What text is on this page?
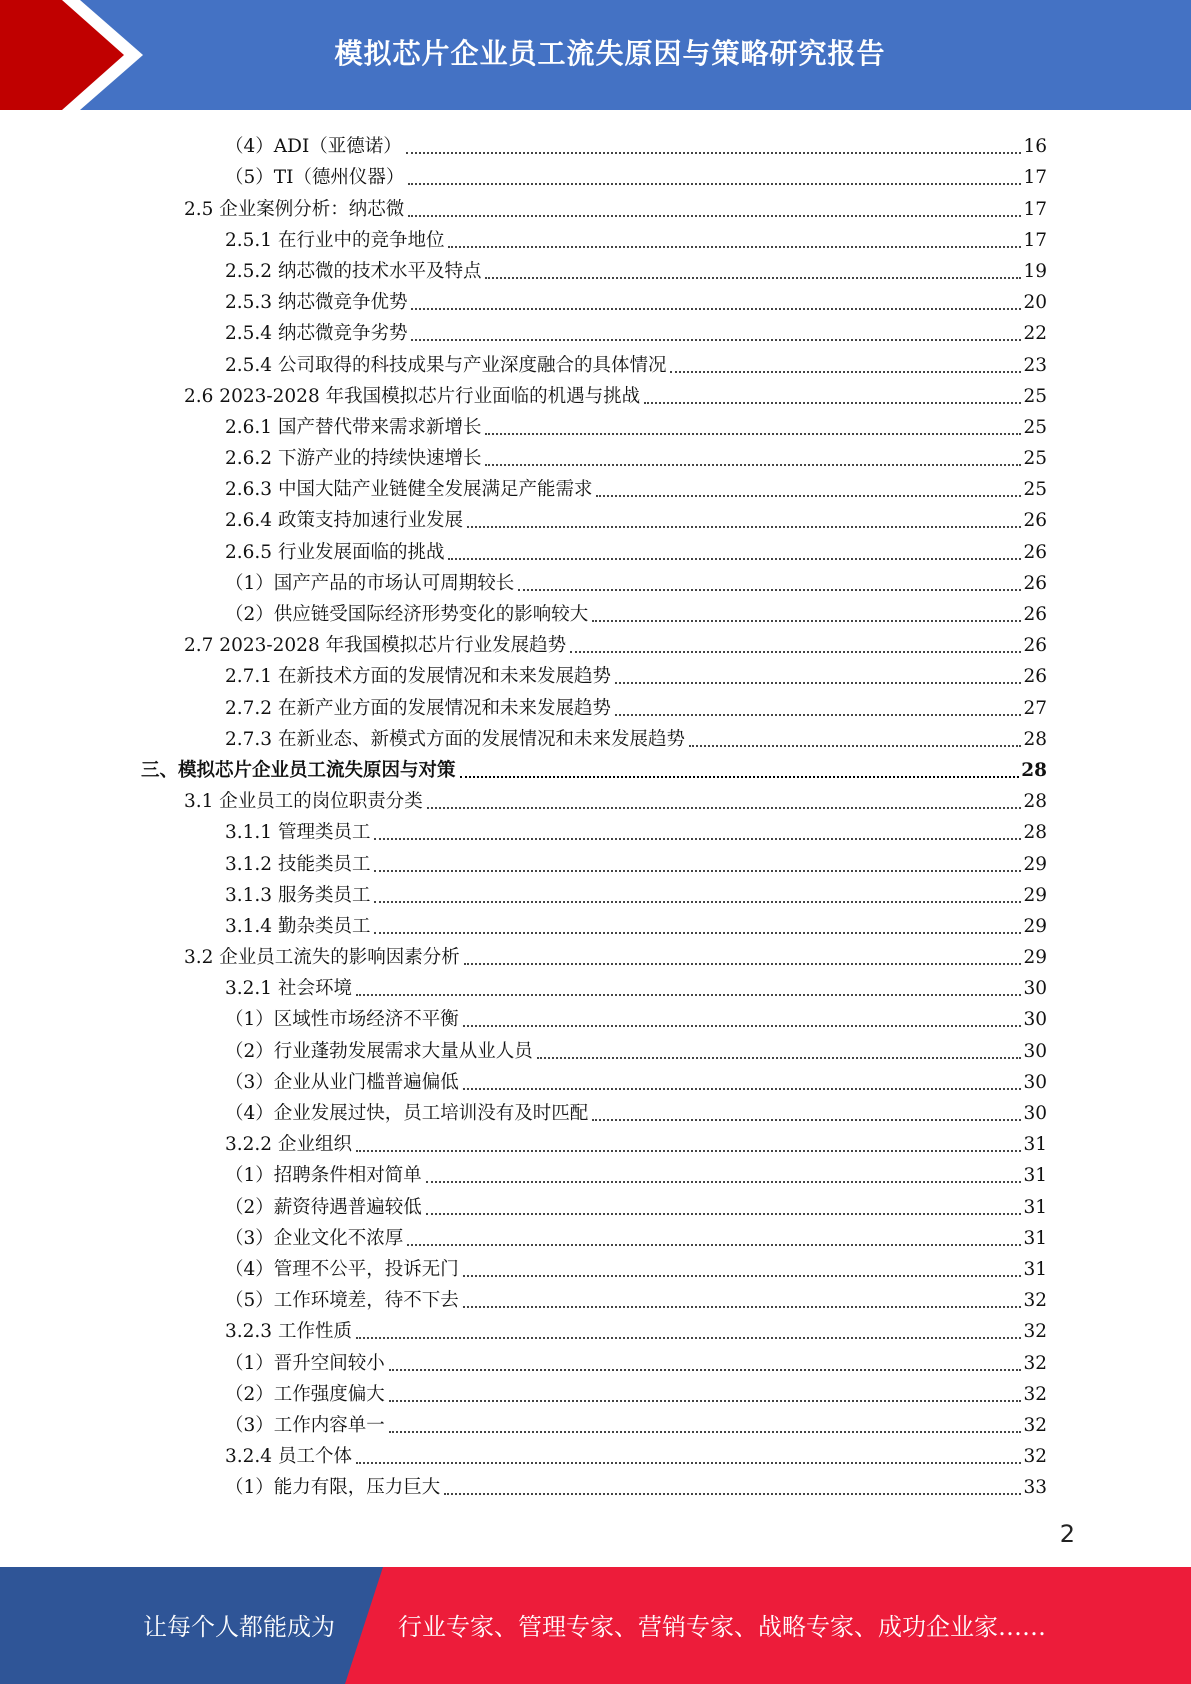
模拟芯片企业员工流失原因与策略研究报告
（4）ADI（亚德诺）	16
（5）TI（德州仪器）	17
2.5 企业案例分析：纳芯微	17
2.5.1 在行业中的竞争地位	17
2.5.2 纳芯微的技术水平及特点	19
2.5.3 纳芯微竞争优势	20
2.5.4 纳芯微竞争劣势	22
2.5.4 公司取得的科技成果与产业深度融合的具体情况	23
2.6 2023-2028 年我国模拟芯片行业面临的机遇与挑战	25
2.6.1 国产替代带来需求新增长	25
2.6.2 下游产业的持续快速增长	25
2.6.3 中国大陆产业链健全发展满足产能需求	25
2.6.4 政策支持加速行业发展	26
2.6.5 行业发展面临的挑战	26
（1）国产产品的市场认可周期较长	26
（2）供应链受国际经济形势变化的影响较大	26
2.7 2023-2028 年我国模拟芯片行业发展趋势	26
2.7.1 在新技术方面的发展情况和未来发展趋势	26
2.7.2 在新产业方面的发展情况和未来发展趋势	27
2.7.3 在新业态、新模式方面的发展情况和未来发展趋势	28
三、模拟芯片企业员工流失原因与对策	28
3.1 企业员工的岗位职责分类	28
3.1.1 管理类员工	28
3.1.2 技能类员工	29
3.1.3 服务类员工	29
3.1.4 勤杂类员工	29
3.2 企业员工流失的影响因素分析	29
3.2.1 社会环境	30
（1）区域性市场经济不平衡	30
（2）行业蓬勃发展需求大量从业人员	30
（3）企业从业门槛普遍偏低	30
（4）企业发展过快，员工培训没有及时匹配	30
3.2.2 企业组织	31
（1）招聘条件相对简单	31
（2）薪资待遇普遍较低	31
（3）企业文化不浓厚	31
（4）管理不公平，投诉无门	31
（5）工作环境差，待不下去	32
3.2.3 工作性质	32
（1）晋升空间较小	32
（2）工作强度偏大	32
（3）工作内容单一	32
3.2.4 员工个体	32
（1）能力有限，压力巨大	33
2
让每个人都能成为	行业专家、管理专家、营销专家、战略专家、成功企业家……
